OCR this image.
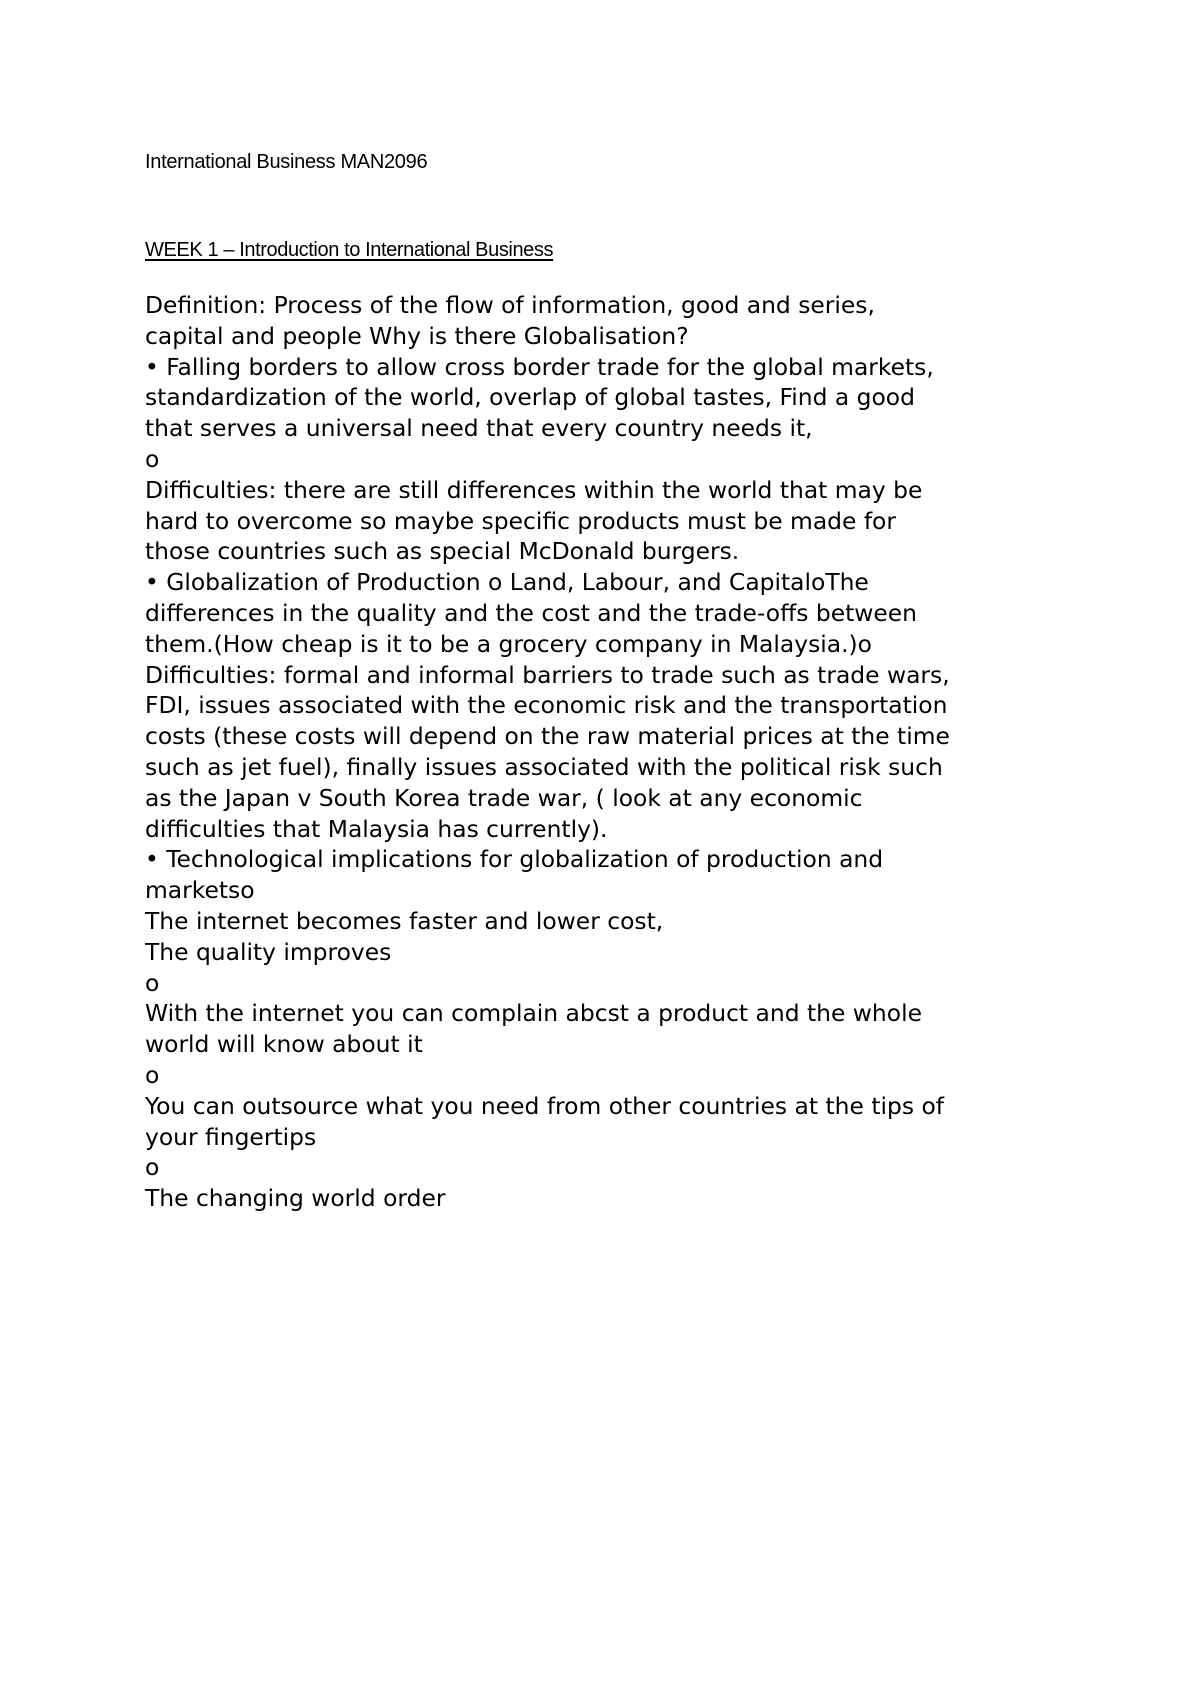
International Business MAN2096
WEEK 1 – Introduction to International Business
Definition: Process of the flow of information, good and series,
capital and people Why is there Globalisation?
• Falling borders to allow cross border trade for the global markets,
standardization of the world, overlap of global tastes, Find a good
that serves a universal need that every country needs it,
o
Difficulties: there are still differences within the world that may be
hard to overcome so maybe specific products must be made for
those countries such as special McDonald burgers.
• Globalization of Production o Land, Labour, and CapitaloThe
differences in the quality and the cost and the trade-offs between
them.(How cheap is it to be a grocery company in Malaysia.)o
Difficulties: formal and informal barriers to trade such as trade wars,
FDI, issues associated with the economic risk and the transportation
costs (these costs will depend on the raw material prices at the time
such as jet fuel), finally issues associated with the political risk such
as the Japan v South Korea trade war, ( look at any economic
difficulties that Malaysia has currently).
• Technological implications for globalization of production and
marketso
The internet becomes faster and lower cost,
The quality improves
o
With the internet you can complain abcst a product and the whole
world will know about it
o
You can outsource what you need from other countries at the tips of
your fingertips
o
The changing world order
